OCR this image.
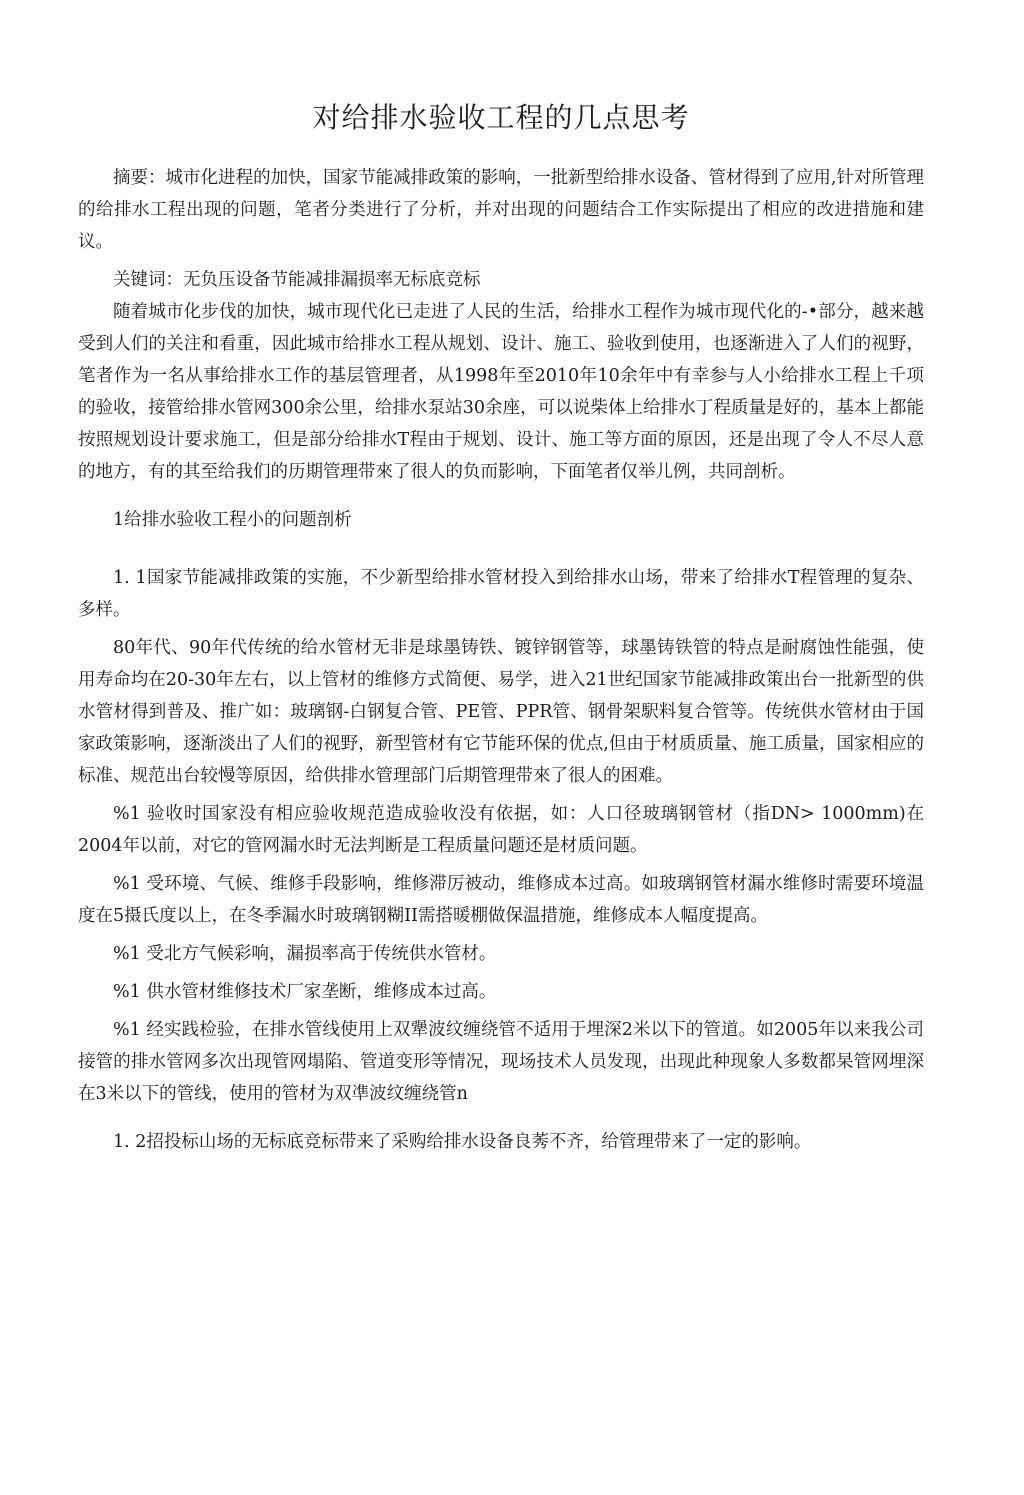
对给排水验收工程的几点思考

摘要：城市化进程的加快，国家节能减排政策的影响，一批新型给排水设备、管材得到了应用,针对所管理的给排水工程出现的问题，笔者分类进行了分析，并对出现的问题结合工作实际提出了相应的改进措施和建议。

关键词：无负压设备节能减排漏损率无标底竞标

随着城市化步伐的加快，城市现代化已走进了人民的生活，给排水工程作为城市现代化的-•部分，越来越受到人们的关注和看重，因此城市给排水工程从规划、设计、施工、验收到使用，也逐渐进入了人们的视野，笔者作为一名从事给排水工作的基层管理者，从1998年至2010年10余年中有幸参与人小给排水工程上千项的验收，接管给排水管网300余公里，给排水泵站30余座，可以说柴体上给排水丁程质量是好的，基本上都能按照规划设计要求施工，但是部分给排水T程由于规划、设计、施工等方面的原因，还是出现了令人不尽人意的地方，有的其至给我们的历期管理带來了很人的负而影响，下面笔者仅举儿例，共同剖析。

1给排水验收工程小的问题剖析

1. 1国家节能减排政策的实施，不少新型给排水管材投入到给排水山场，带来了给排水T程管理的复杂、多样。

80年代、90年代传统的给水管材无非是球墨铸铁、镀锌钢管等，球墨铸铁管的特点是耐腐蚀性能强，使用寿命均在20-30年左右，以上管材的维修方式简便、易学，进入21世纪国家节能减排政策出台一批新型的供水管材得到普及、推广如：玻璃钢-白钢复合管、PE管、PPR管、钢骨架駅料复合管等。传统供水管材由于国家政策影响，逐渐淡出了人们的视野，新型管材有它节能环保的优点,但由于材质质量、施工质量，国家相应的标准、规范出台较慢等原因，给供排水管理部门后期管理带來了很人的困难。

%1 验收时国家没有相应验收规范造成验收没有依据，如：人口径玻璃钢管材（指DN> 1000mm)在2004年以前，对它的管网漏水时无法判断是工程质量问题还是材质问题。

%1 受环境、气候、维修手段影响，维修滞厉被动，维修成本过高。如玻璃钢管材漏水维修时需要环境温度在5摄氏度以上，在冬季漏水时玻璃钢糊II需搭暖棚做保温措施，维修成本人幅度提高。

%1 受北方气候彩响，漏损率高于传统供水管材。

%1 供水管材维修技术厂家垄断，维修成本过高。

%1 经实践检验，在排水管线使用上双犟波纹缠绕管不适用于埋深2米以下的管道。如2005年以来我公司接管的排水管网多次出现管网塌陷、管道变形等情况，现场技术人员发现，出现此种现象人多数都杲管网埋深在3米以下的管线，使用的管材为双凖波纹缠绕管n

1. 2招投标山场的无标底竞标带来了采购给排水设备良莠不齐，给管理带来了一定的影响。
